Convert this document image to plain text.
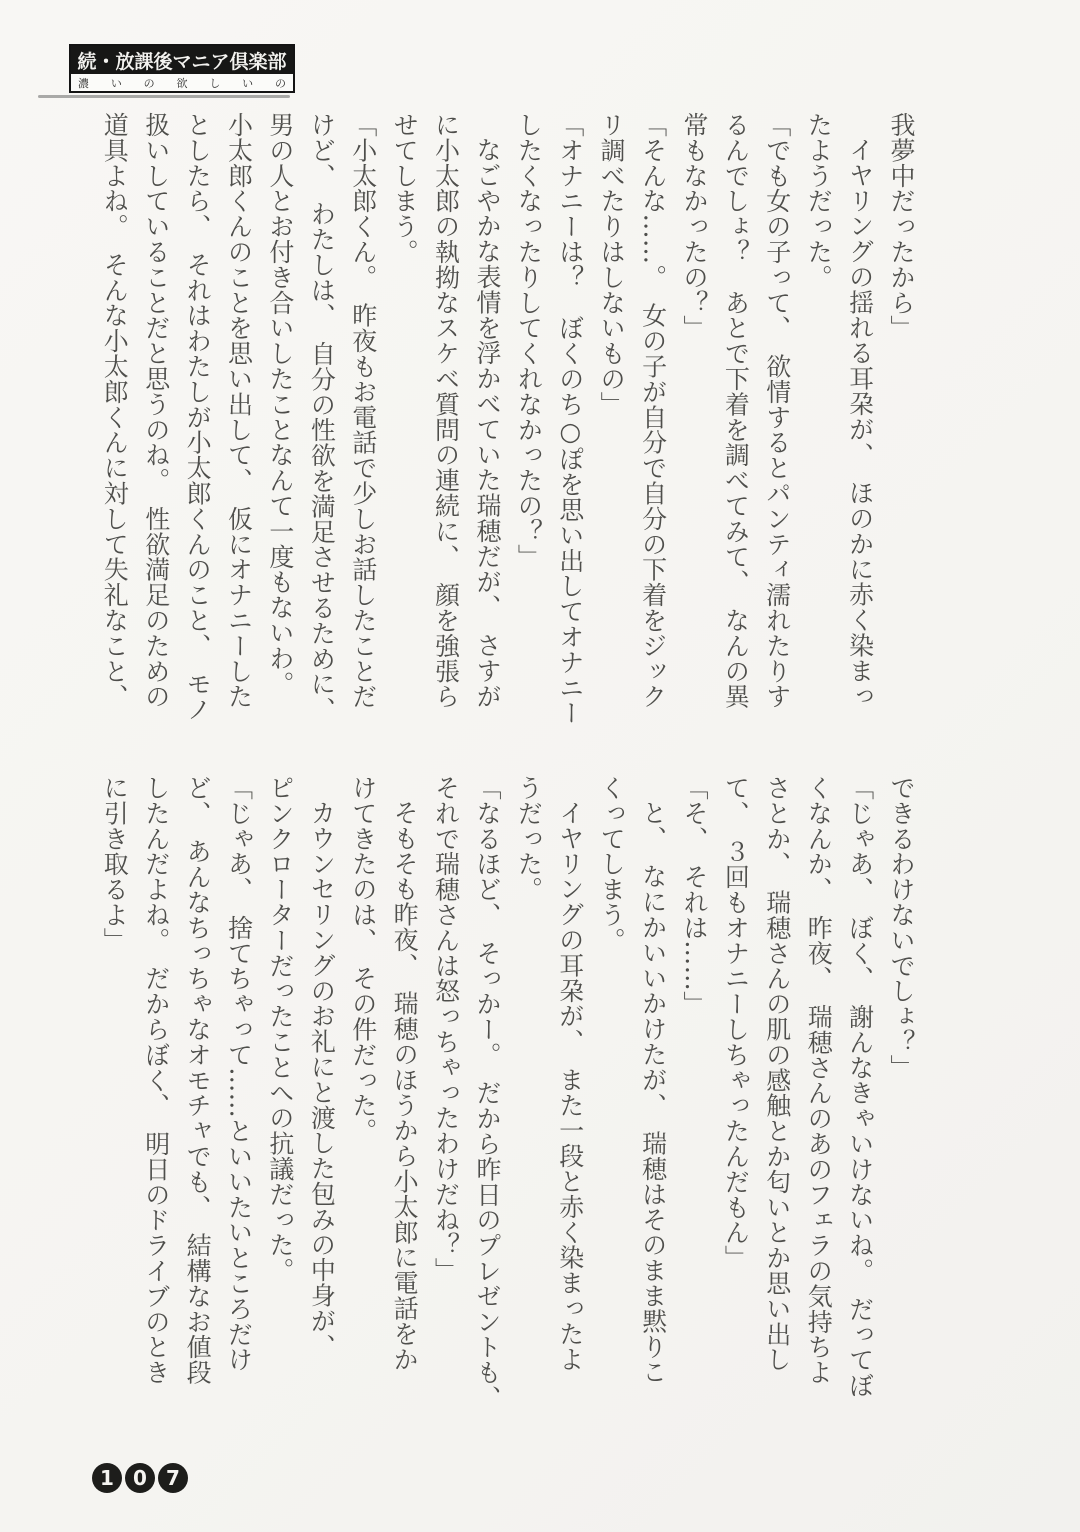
続・放課後マニア倶楽部
濃 い の 欲 し い の
我夢中だったから」
イヤリングの揺れる耳朶が、　ほのかに赤く染まっ
たようだった。
「でも女の子って、　欲情するとパンティ濡れたりす
るんでしょ？　あとで下着を調べてみて、　なんの異
常もなかったの？」
「そんな……。　女の子が自分で自分の下着をジック
リ調べたりはしないもの」
「オナニーは？　ぼくのち○ぽを思い出してオナニー
したくなったりしてくれなかったの？」
なごやかな表情を浮かべていた瑞穂だが、　さすが
に小太郎の執拗なスケベ質問の連続に、　顔を強張ら
せてしまう。
「小太郎くん。　昨夜もお電話で少しお話したことだ
けど、　わたしは、　自分の性欲を満足させるために、
男の人とお付き合いしたことなんて一度もないわ。
小太郎くんのことを思い出して、　仮にオナニーした
としたら、　それはわたしが小太郎くんのこと、　モノ
扱いしていることだと思うのね。　性欲満足のための
道具よね。　そんな小太郎くんに対して失礼なこと、
できるわけないでしょ？」
「じゃあ、　ぼく、　謝んなきゃいけないね。　だってぼ
くなんか、　昨夜、　瑞穂さんのあのフェラの気持ちよ
さとか、　瑞穂さんの肌の感触とか匂いとか思い出し
て、　３回もオナニーしちゃったんだもん」
「そ、　それは……」
と、　なにかいいかけたが、　瑞穂はそのまま黙りこ
くってしまう。
イヤリングの耳朶が、　また一段と赤く染まったよ
うだった。
「なるほど、　そっかー。　だから昨日のプレゼントも、
それで瑞穂さんは怒っちゃったわけだね？」
そもそも昨夜、　瑞穂のほうから小太郎に電話をか
けてきたのは、　その件だった。
カウンセリングのお礼にと渡した包みの中身が、
ピンクローターだったことへの抗議だった。
「じゃあ、　捨てちゃって……といいたいところだけ
ど、　あんなちっちゃなオモチャでも、　結構なお値段
したんだよね。　だからぼく、　明日のドライブのとき
に引き取るよ」
1 0 7
